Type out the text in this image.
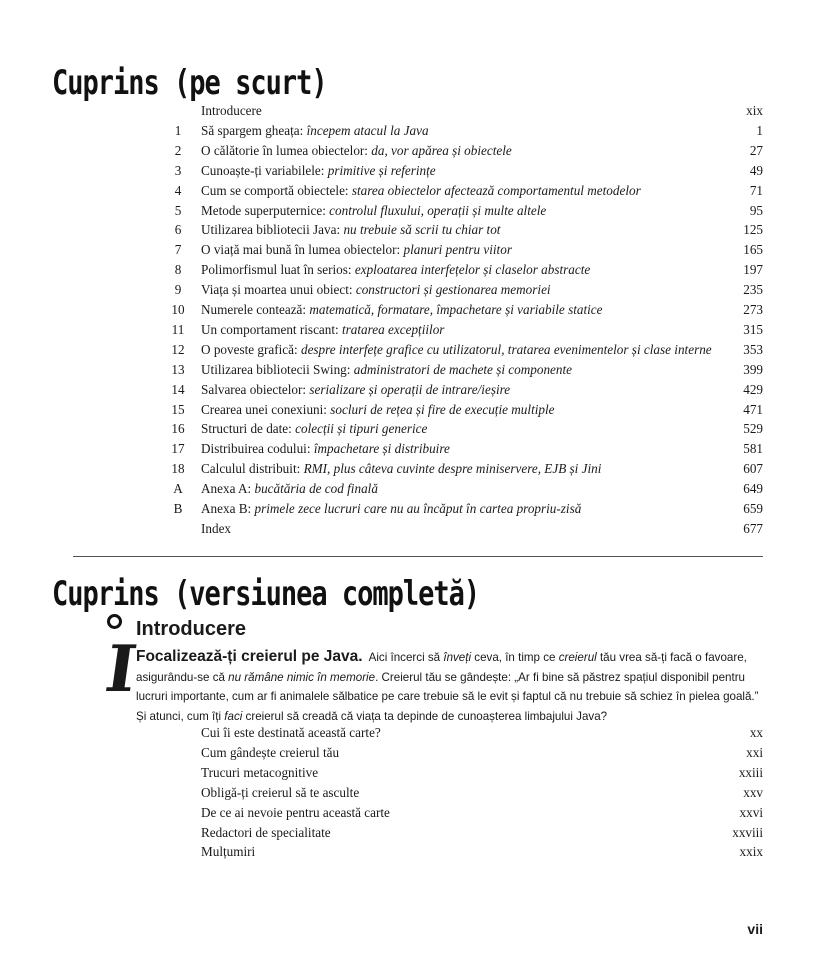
Cuprins (pe scurt)
Introducere	xix
1	Să spargem gheața: începem atacul la Java	1
2	O călătorie în lumea obiectelor: da, vor apărea și obiectele	27
3	Cunoaște-ți variabilele: primitive și referințe	49
4	Cum se comportă obiectele: starea obiectelor afectează comportamentul metodelor	71
5	Metode superputernice: controlul fluxului, operații și multe altele	95
6	Utilizarea bibliotecii Java: nu trebuie să scrii tu chiar tot	125
7	O viață mai bună în lumea obiectelor: planuri pentru viitor	165
8	Polimorfismul luat în serios: exploatarea interfețelor și claselor abstracte	197
9	Viața și moartea unui obiect: constructori și gestionarea memoriei	235
10	Numerele contează: matematică, formatare, împachetare și variabile statice	273
11	Un comportament riscant: tratarea excepțiilor	315
12	O poveste grafică: despre interfețe grafice cu utilizatorul, tratarea evenimentelor și clase interne 353
13	Utilizarea bibliotecii Swing: administratori de machete și componente	399
14	Salvarea obiectelor: serializare și operații de intrare/ieșire	429
15	Crearea unei conexiuni: socluri de rețea și fire de execuție multiple	471
16	Structuri de date: colecții și tipuri generice	529
17	Distribuirea codului: împachetare și distribuire	581
18	Calculul distribuit: RMI, plus câteva cuvinte despre miniservere, EJB și Jini	607
A	Anexa A: bucătăria de cod finală	649
B	Anexa B: primele zece lucruri care nu au încăput în cartea propriu-zisă	659
Index	677
Cuprins (versiunea completă)
I
Introducere

Focalizează-ți creierul pe Java. Aici încerci să înveți ceva, în timp ce creierul tău vrea să-ți facă o favoare, asigurându-se că nu rămâne nimic în memorie. Creierul tău se gândește: „Ar fi bine să păstrez spațiul disponibil pentru lucruri importante, cum ar fi animalele sălbatice pe care trebuie să le evit și faptul că nu trebuie să schiez în pielea goală.” Și atunci, cum îți faci creierul să creadă că viața ta depinde de cunoașterea limbajului Java?

Cui îi este destinată această carte?	xx
Cum gândește creierul tău	xxi
Trucuri metacognitive	xxiii
Obligă-ți creierul să te asculte	xxv
De ce ai nevoie pentru această carte	xxvi
Redactori de specialitate	xxviii
Mulțumiri	xxix
vii
